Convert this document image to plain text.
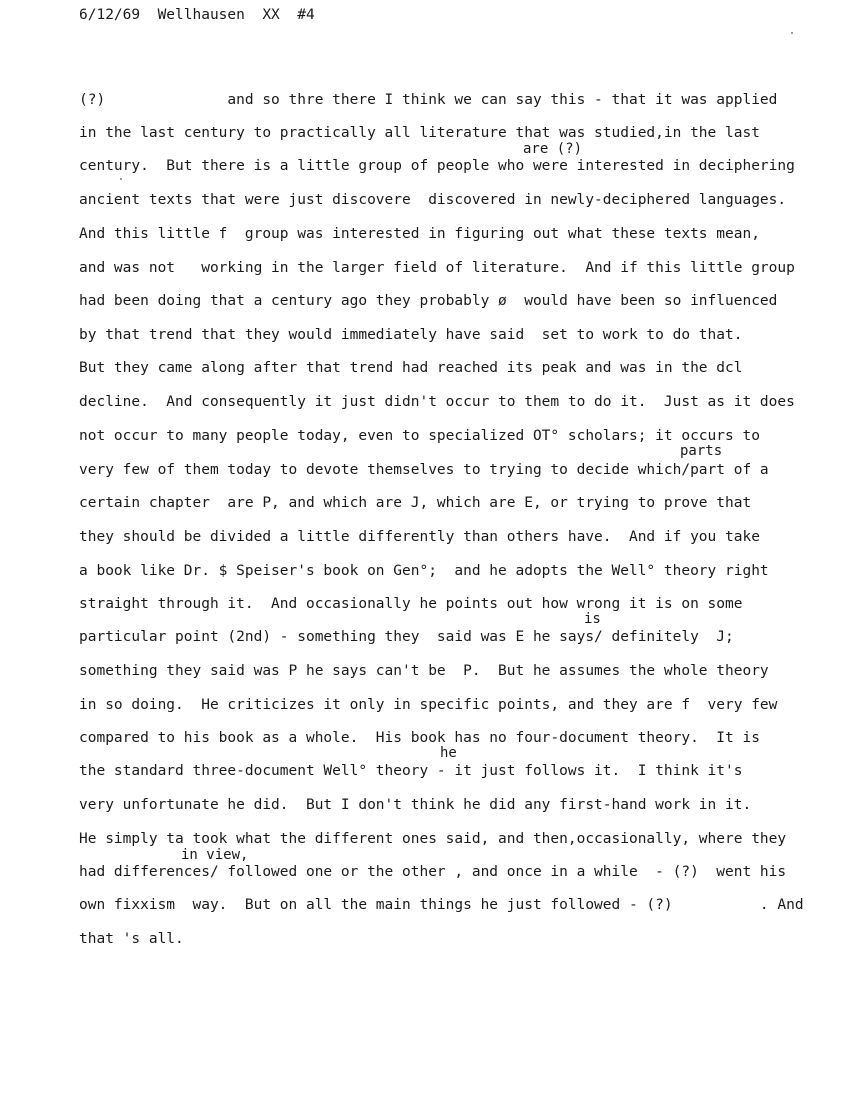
6/12/69  Wellhausen  XX  #4
are (?)
parts
is
he
in view,
(?)              and so thre there I think we can say this - that it was applied
in the last century to practically all literature that was studied,in the last
century.  But there is a little group of people who were interested in deciphering
ancient texts that were just discovere  discovered in newly-deciphered languages.
And this little f  group was interested in figuring out what these texts mean,
and was not   working in the larger field of literature.  And if this little group
had been doing that a century ago they probably ø  would have been so influenced
by that trend that they would immediately have said  set to work to do that.
But they came along after that trend had reached its peak and was in the dcl
decline.  And consequently it just didn't occur to them to do it.  Just as it does
not occur to many people today, even to specialized OT° scholars; it occurs to
very few of them today to devote themselves to trying to decide which/part of a
certain chapter  are P, and which are J, which are E, or trying to prove that
they should be divided a little differently than others have.  And if you take
a book like Dr. $ Speiser's book on Gen°;  and he adopts the Well° theory right
straight through it.  And occasionally he points out how wrong it is on some
particular point (2nd) - something they  said was E he says/ definitely  J;
something they said was P he says can't be  P.  But he assumes the whole theory
in so doing.  He criticizes it only in specific points, and they are f  very few
compared to his book as a whole.  His book has no four-document theory.  It is
the standard three-document Well° theory - it just follows it.  I think it's
very unfortunate he did.  But I don't think he did any first-hand work in it.
He simply ta took what the different ones said, and then,occasionally, where they
had differences/ followed one or the other , and once in a while  - (?)  went his
own fixxism  way.  But on all the main things he just followed - (?)          . And
that 's all.
